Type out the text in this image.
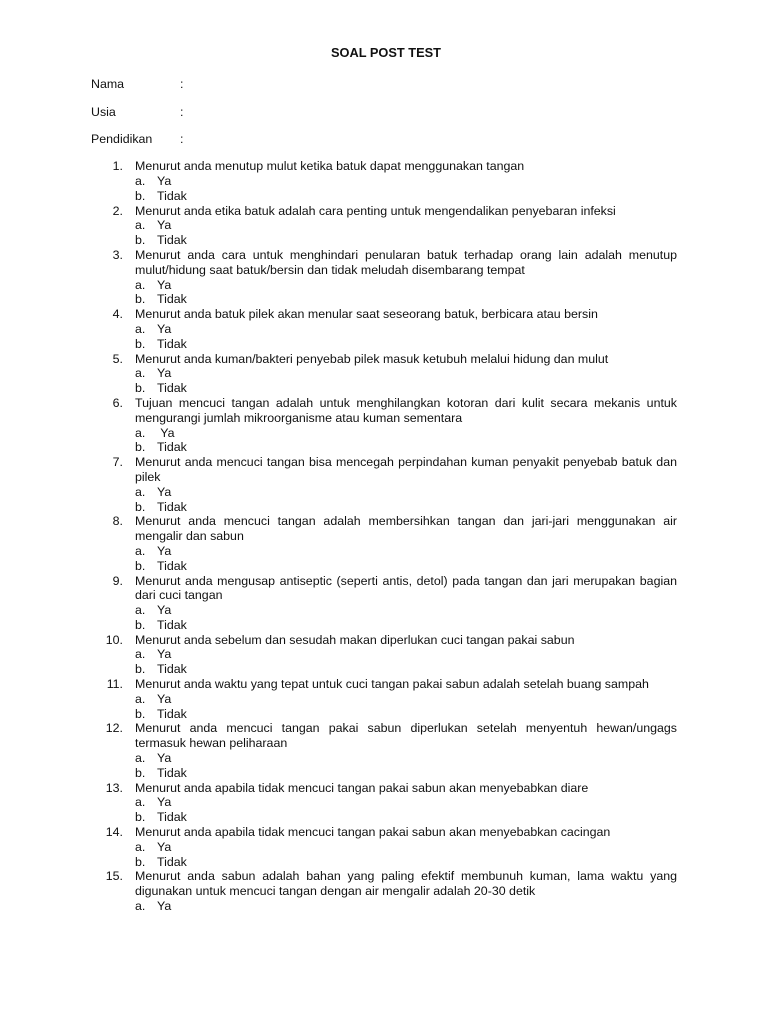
SOAL POST TEST
Nama	:
Usia	:
Pendidikan :
1. Menurut anda menutup mulut ketika batuk dapat menggunakan tangan
a. Ya
b. Tidak
2. Menurut anda etika batuk adalah cara penting untuk mengendalikan penyebaran infeksi
a. Ya
b. Tidak
3. Menurut anda cara untuk menghindari penularan batuk terhadap orang lain adalah menutup mulut/hidung saat batuk/bersin dan tidak meludah disembarang tempat
a. Ya
b. Tidak
4. Menurut anda batuk pilek akan menular saat seseorang batuk, berbicara atau bersin
a. Ya
b. Tidak
5. Menurut anda kuman/bakteri penyebab pilek masuk ketubuh melalui hidung dan mulut
a. Ya
b. Tidak
6. Tujuan mencuci tangan adalah untuk menghilangkan kotoran dari kulit secara mekanis untuk mengurangi jumlah mikroorganisme atau kuman sementara
a. Ya
b. Tidak
7. Menurut anda mencuci tangan bisa mencegah perpindahan kuman penyakit penyebab batuk dan pilek
a. Ya
b. Tidak
8. Menurut anda mencuci tangan adalah membersihkan tangan dan jari-jari menggunakan air mengalir dan sabun
a. Ya
b. Tidak
9. Menurut anda mengusap antiseptic (seperti antis, detol) pada tangan dan jari merupakan bagian dari cuci tangan
a. Ya
b. Tidak
10. Menurut anda sebelum dan sesudah makan diperlukan cuci tangan pakai sabun
a. Ya
b. Tidak
11. Menurut anda waktu yang tepat untuk cuci tangan pakai sabun adalah setelah buang sampah
a. Ya
b. Tidak
12. Menurut anda mencuci tangan pakai sabun diperlukan setelah menyentuh hewan/ungags termasuk hewan peliharaan
a. Ya
b. Tidak
13. Menurut anda apabila tidak mencuci tangan pakai sabun akan menyebabkan diare
a. Ya
b. Tidak
14. Menurut anda apabila tidak mencuci tangan pakai sabun akan menyebabkan cacingan
a. Ya
b. Tidak
15. Menurut anda sabun adalah bahan yang paling efektif membunuh kuman, lama waktu yang digunakan untuk mencuci tangan dengan air mengalir adalah 20-30 detik
a. Ya
